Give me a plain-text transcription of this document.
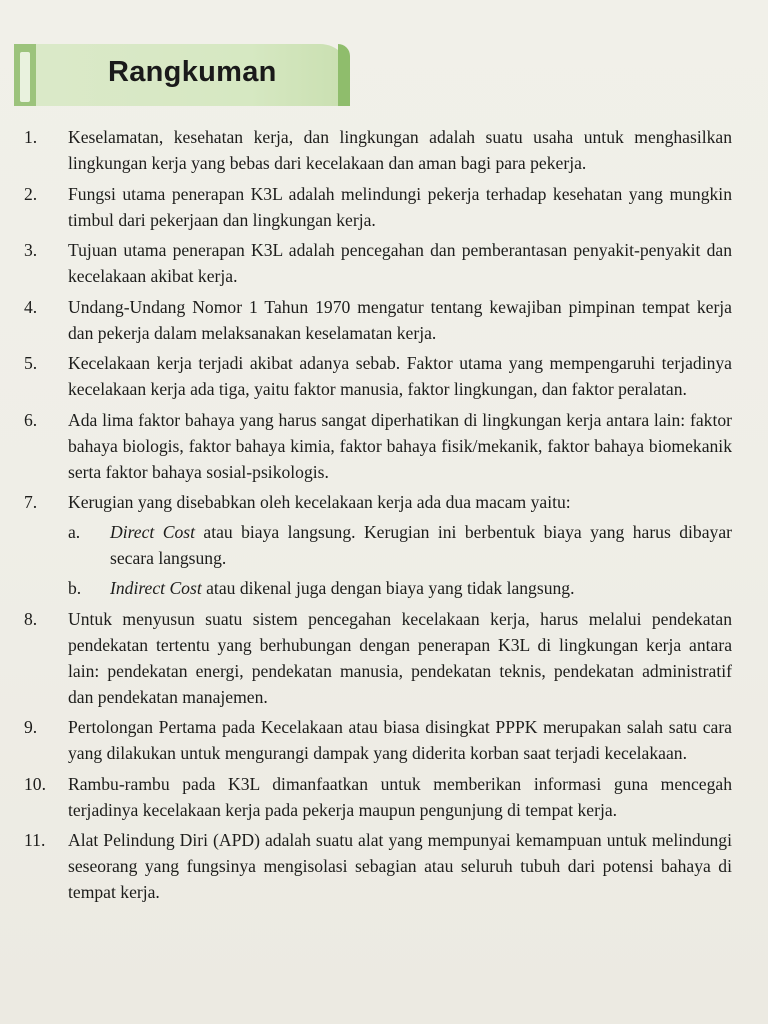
Rangkuman
1.	Keselamatan, kesehatan kerja, dan lingkungan adalah suatu usaha untuk menghasilkan lingkungan kerja yang bebas dari kecelakaan dan aman bagi para pekerja.
2.	Fungsi utama penerapan K3L adalah melindungi pekerja terhadap kesehatan yang mungkin timbul dari pekerjaan dan lingkungan kerja.
3.	Tujuan utama penerapan K3L adalah pencegahan dan pemberantasan penyakit-penyakit dan kecelakaan akibat kerja.
4.	Undang-Undang Nomor 1 Tahun 1970 mengatur tentang kewajiban pimpinan tempat kerja dan pekerja dalam melaksanakan keselamatan kerja.
5.	Kecelakaan kerja terjadi akibat adanya sebab. Faktor utama yang mempengaruhi terjadinya kecelakaan kerja ada tiga, yaitu faktor manusia, faktor lingkungan, dan faktor peralatan.
6.	Ada lima faktor bahaya yang harus sangat diperhatikan di lingkungan kerja antara lain: faktor bahaya biologis, faktor bahaya kimia, faktor bahaya fisik/mekanik, faktor bahaya biomekanik serta faktor bahaya sosial-psikologis.
7.	Kerugian yang disebabkan oleh kecelakaan kerja ada dua macam yaitu:
a.	Direct Cost atau biaya langsung. Kerugian ini berbentuk biaya yang harus dibayar secara langsung.
b.	Indirect Cost atau dikenal juga dengan biaya yang tidak langsung.
8.	Untuk menyusun suatu sistem pencegahan kecelakaan kerja, harus melalui pendekatan pendekatan tertentu yang berhubungan dengan penerapan K3L di lingkungan kerja antara lain: pendekatan energi, pendekatan manusia, pendekatan teknis, pendekatan administratif dan pendekatan manajemen.
9.	Pertolongan Pertama pada Kecelakaan atau biasa disingkat PPPK merupakan salah satu cara yang dilakukan untuk mengurangi dampak yang diderita korban saat terjadi kecelakaan.
10.	Rambu-rambu pada K3L dimanfaatkan untuk memberikan informasi guna mencegah terjadinya kecelakaan kerja pada pekerja maupun pengunjung di tempat kerja.
11.	Alat Pelindung Diri (APD) adalah suatu alat yang mempunyai kemampuan untuk melindungi seseorang yang fungsinya mengisolasi sebagian atau seluruh tubuh dari potensi bahaya di tempat kerja.
